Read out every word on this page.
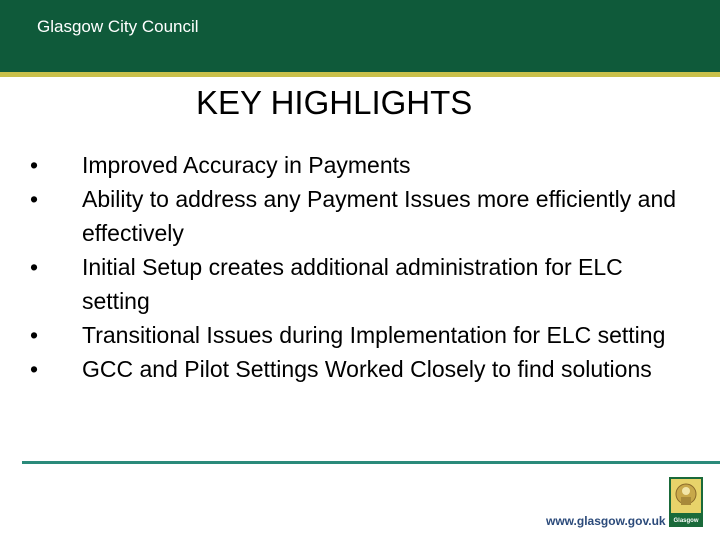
Glasgow City Council
KEY HIGHLIGHTS
•	Improved Accuracy in Payments
•	Ability to address any Payment Issues more efficiently and effectively
•	Initial Setup creates additional administration for ELC setting
•	Transitional Issues during Implementation for ELC setting
•	GCC and Pilot Settings Worked Closely to find solutions
Glasgow
www.glasgow.gov.uk
